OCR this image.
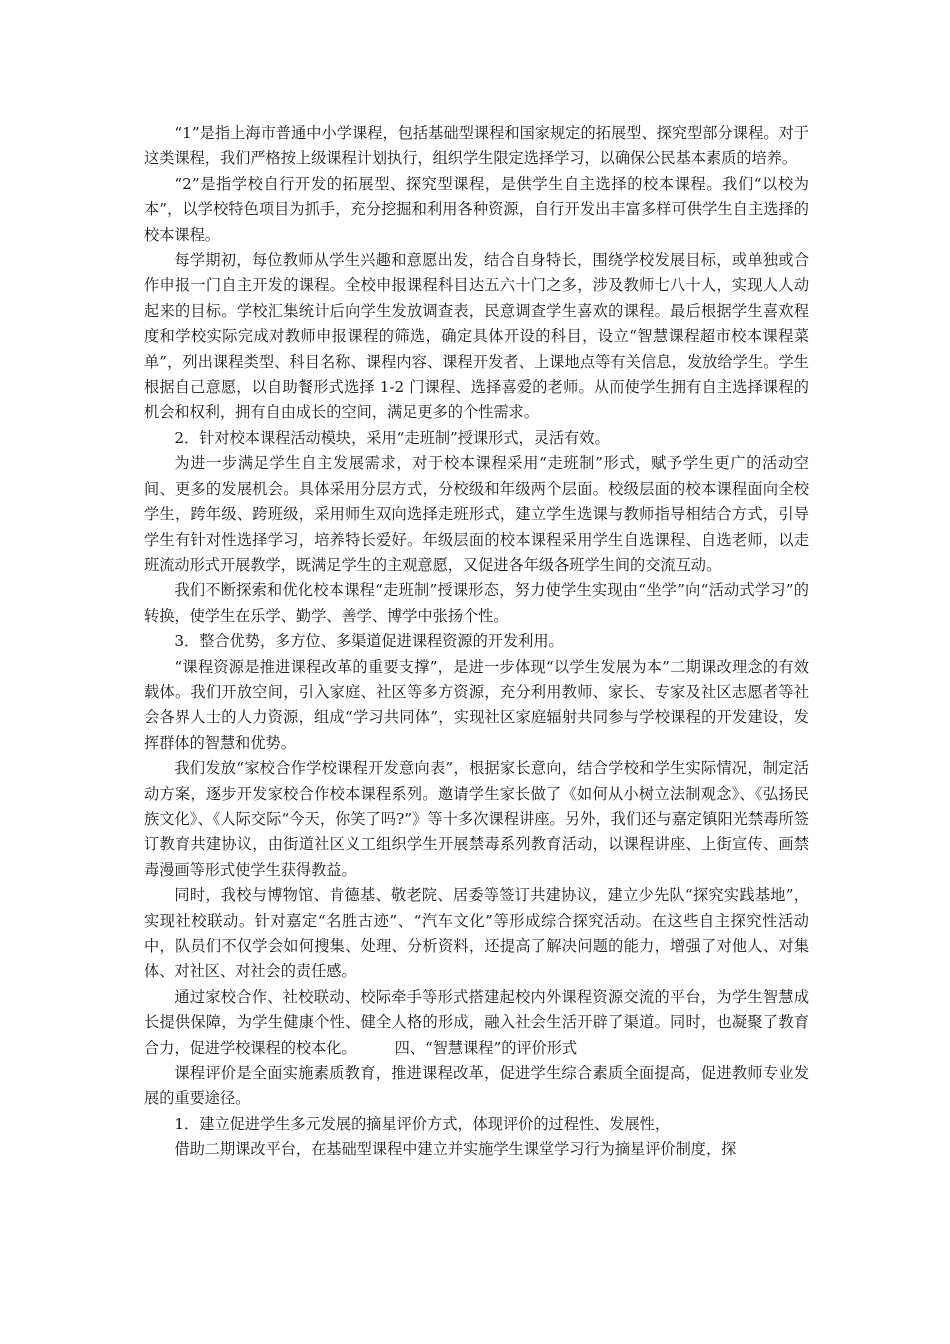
“1”是指上海市普通中小学课程，包括基础型课程和国家规定的拓展型、探究型部分课程。对于这类课程，我们严格按上级课程计划执行，组织学生限定选择学习，以确保公民基本素质的培养。

“2”是指学校自行开发的拓展型、探究型课程，是供学生自主选择的校本课程。我们“以校为本”，以学校特色项目为抓手，充分挖掘和利用各种资源，自行开发出丰富多样可供学生自主选择的校本课程。

每学期初，每位教师从学生兴趣和意愿出发，结合自身特长，围绕学校发展目标，或单独或合作申报一门自主开发的课程。全校申报课程科目达五六十门之多，涉及教师七八十人，实现人人动起来的目标。学校汇集统计后向学生发放调查表，民意调查学生喜欢的课程。最后根据学生喜欢程度和学校实际完成对教师申报课程的筛选，确定具体开设的科目，设立“智慧课程超市校本课程菜单”，列出课程类型、科目名称、课程内容、课程开发者、上课地点等有关信息，发放给学生。学生根据自己意愿，以自助餐形式选择 1-2 门课程、选择喜爱的老师。从而使学生拥有自主选择课程的机会和权利，拥有自由成长的空间，满足更多的个性需求。

2．针对校本课程活动模块，采用“走班制”授课形式，灵活有效。

为进一步满足学生自主发展需求，对于校本课程采用“走班制”形式，赋予学生更广的活动空间、更多的发展机会。具体采用分层方式，分校级和年级两个层面。校级层面的校本课程面向全校学生，跨年级、跨班级，采用师生双向选择走班形式，建立学生选课与教师指导相结合方式，引导学生有针对性选择学习，培养特长爱好。年级层面的校本课程采用学生自选课程、自选老师，以走班流动形式开展教学，既满足学生的主观意愿，又促进各年级各班学生间的交流互动。

我们不断探索和优化校本课程“走班制”授课形态，努力使学生实现由“坐学”向“活动式学习”的转换，使学生在乐学、勤学、善学、博学中张扬个性。

3．整合优势，多方位、多渠道促进课程资源的开发利用。

“课程资源是推进课程改革的重要支撑”，是进一步体现“以学生发展为本”二期课改理念的有效载体。我们开放空间，引入家庭、社区等多方资源，充分利用教师、家长、专家及社区志愿者等社会各界人士的人力资源，组成“学习共同体”，实现社区家庭辐射共同参与学校课程的开发建设，发挥群体的智慧和优势。

我们发放“家校合作学校课程开发意向表”，根据家长意向，结合学校和学生实际情况，制定活动方案，逐步开发家校合作校本课程系列。邀请学生家长做了《如何从小树立法制观念》、《弘扬民族文化》、《人际交际“今天，你笑了吗?”》等十多次课程讲座。另外，我们还与嘉定镇阳光禁毒所签订教育共建协议，由街道社区义工组织学生开展禁毒系列教育活动，以课程讲座、上街宣传、画禁毒漫画等形式使学生获得教益。

同时，我校与博物馆、肯德基、敬老院、居委等签订共建协议，建立少先队“探究实践基地”，实现社校联动。针对嘉定“名胜古迹”、“汽车文化”等形成综合探究活动。在这些自主探究性活动中，队员们不仅学会如何搜集、处理、分析资料，还提高了解决问题的能力，增强了对他人、对集体、对社区、对社会的责任感。

通过家校合作、社校联动、校际牵手等形式搭建起校内外课程资源交流的平台，为学生智慧成长提供保障，为学生健康个性、健全人格的形成，融入社会生活开辟了渠道。同时，也凝聚了教育合力，促进学校课程的校本化。　　　四、“智慧课程”的评价形式

课程评价是全面实施素质教育，推进课程改革，促进学生综合素质全面提高，促进教师专业发展的重要途径。

1．建立促进学生多元发展的摘星评价方式，体现评价的过程性、发展性，

借助二期课改平台，在基础型课程中建立并实施学生课堂学习行为摘星评价制度，探
